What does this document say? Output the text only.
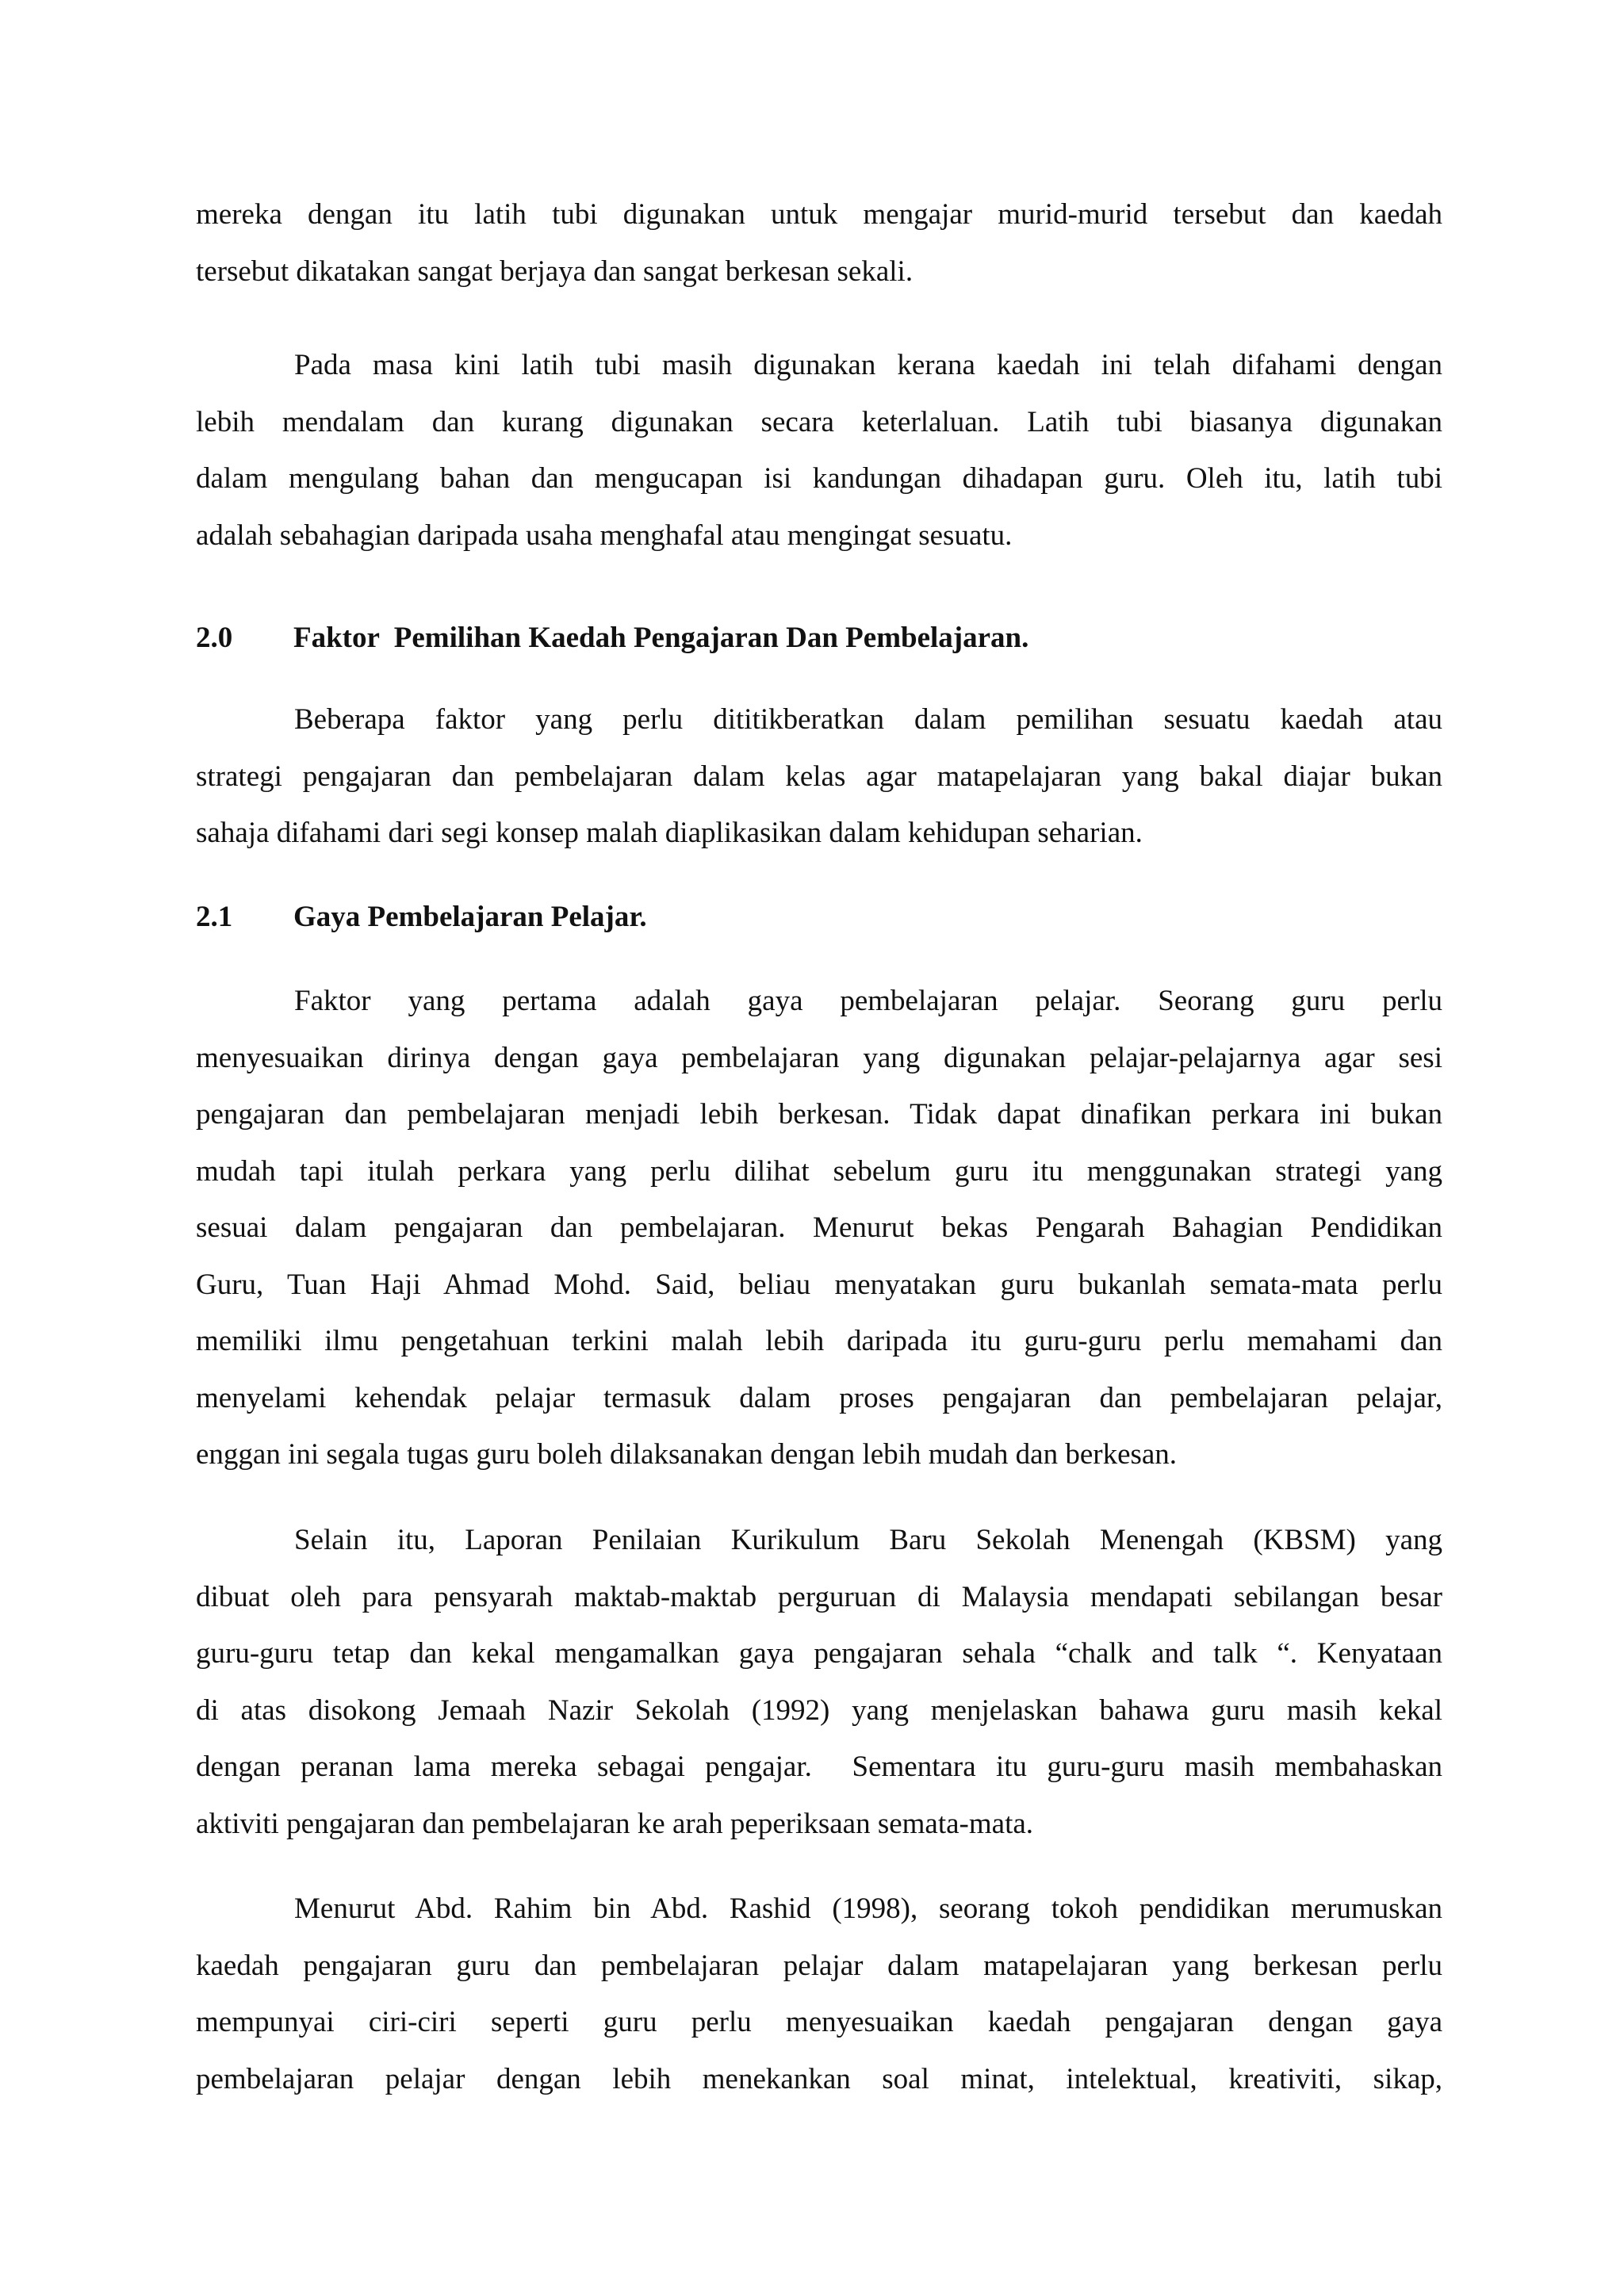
mereka dengan itu latih tubi digunakan untuk mengajar murid-murid tersebut dan kaedah
tersebut dikatakan sangat berjaya dan sangat berkesan sekali.
Pada masa kini latih tubi masih digunakan kerana kaedah ini telah difahami dengan
lebih mendalam dan kurang digunakan secara keterlaluan. Latih tubi biasanya digunakan
dalam mengulang bahan dan mengucapan isi kandungan dihadapan guru. Oleh itu, latih tubi
adalah sebahagian daripada usaha menghafal atau mengingat sesuatu.
2.0 Faktor  Pemilihan Kaedah Pengajaran Dan Pembelajaran.
Beberapa faktor yang perlu dititikberatkan dalam pemilihan sesuatu kaedah atau
strategi pengajaran dan pembelajaran dalam kelas agar matapelajaran yang bakal diajar bukan
sahaja difahami dari segi konsep malah diaplikasikan dalam kehidupan seharian.
2.1 Gaya Pembelajaran Pelajar.
Faktor yang pertama adalah gaya pembelajaran pelajar. Seorang guru perlu
menyesuaikan dirinya dengan gaya pembelajaran yang digunakan pelajar-pelajarnya agar sesi
pengajaran dan pembelajaran menjadi lebih berkesan. Tidak dapat dinafikan perkara ini bukan
mudah tapi itulah perkara yang perlu dilihat sebelum guru itu menggunakan strategi yang
sesuai dalam pengajaran dan pembelajaran. Menurut bekas Pengarah Bahagian Pendidikan
Guru, Tuan Haji Ahmad Mohd. Said, beliau menyatakan guru bukanlah semata-mata perlu
memiliki ilmu pengetahuan terkini malah lebih daripada itu guru-guru perlu memahami dan
menyelami kehendak pelajar termasuk dalam proses pengajaran dan pembelajaran pelajar,
enggan ini segala tugas guru boleh dilaksanakan dengan lebih mudah dan berkesan.
Selain itu, Laporan Penilaian Kurikulum Baru Sekolah Menengah (KBSM) yang
dibuat oleh para pensyarah maktab-maktab perguruan di Malaysia mendapati sebilangan besar
guru-guru tetap dan kekal mengamalkan gaya pengajaran sehala “chalk and talk “. Kenyataan
di atas disokong Jemaah Nazir Sekolah (1992) yang menjelaskan bahawa guru masih kekal
dengan peranan lama mereka sebagai pengajar.  Sementara itu guru-guru masih membahaskan
aktiviti pengajaran dan pembelajaran ke arah peperiksaan semata-mata.
Menurut Abd. Rahim bin Abd. Rashid (1998), seorang tokoh pendidikan merumuskan
kaedah pengajaran guru dan pembelajaran pelajar dalam matapelajaran yang berkesan perlu
mempunyai ciri-ciri seperti guru perlu menyesuaikan kaedah pengajaran dengan gaya
pembelajaran pelajar dengan lebih menekankan soal minat, intelektual, kreativiti, sikap,
